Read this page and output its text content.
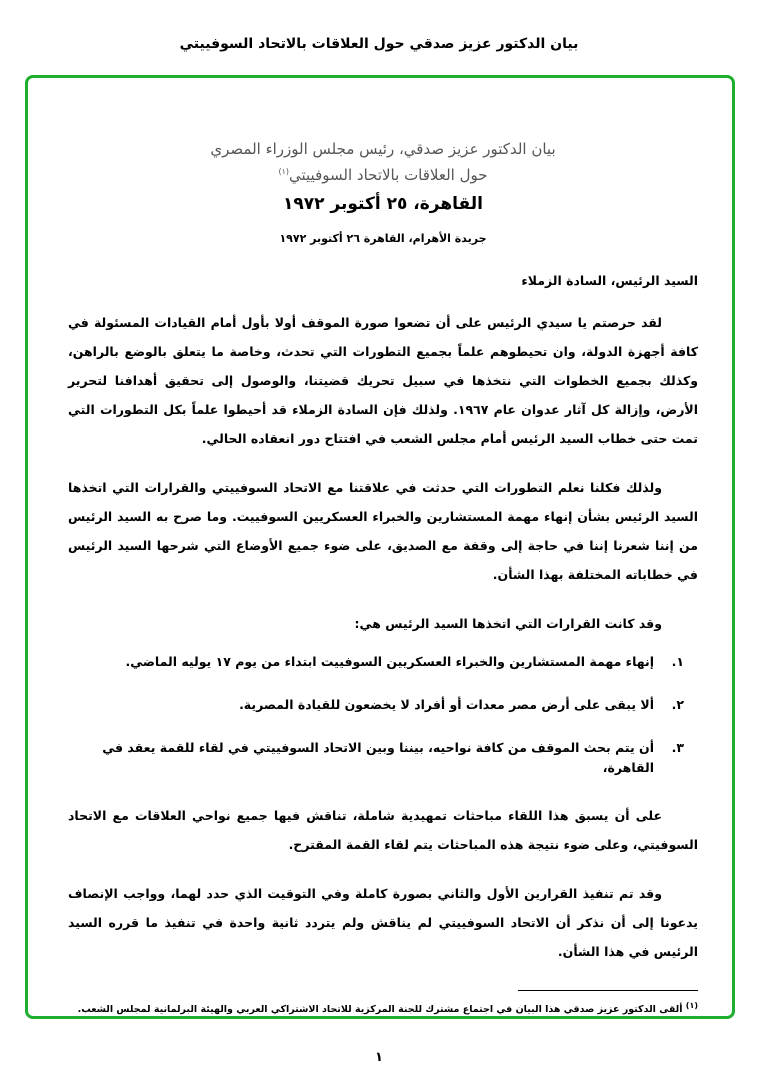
بيان الدكتور عزيز صدقي حول العلاقات بالاتحاد السوفييتي
بيان الدكتور عزيز صدقي، رئيس مجلس الوزراء المصري
حول العلاقات بالاتحاد السوفييتي$^{(١)}$
القاهرة، ٢٥ أكتوبر ١٩٧٢
جريدة الأهرام، القاهرة ٢٦ أكتوبر ١٩٧٢
السيد الرئيس، السادة الزملاء

لقد حرصتم يا سيدي الرئيس على أن تضعوا صورة الموقف أولا بأول أمام القيادات المسئولة في كافة أجهزة الدولة، وان تحيطوهم علماً بجميع التطورات التي تحدث، وخاصة ما يتعلق بالوضع بالراهن، وكذلك بجميع الخطوات التي نتخذها في سبيل تحريك قضيتنا، والوصول إلى تحقيق أهدافنا لتحرير الأرض، وإزالة كل آثار عدوان عام ١٩٦٧. ولذلك فإن السادة الزملاء قد أحيطوا علماً بكل التطورات التي تمت حتى خطاب السيد الرئيس أمام مجلس الشعب في افتتاح دور انعقاده الحالي.

ولذلك فكلنا نعلم التطورات التي حدثت في علاقتنا مع الاتحاد السوفييتي والقرارات التي اتخذها السيد الرئيس بشأن إنهاء مهمة المستشارين والخبراء العسكريين السوفييت. وما صرح به السيد الرئيس من إننا شعرنا إننا في حاجة إلى وقفة مع الصديق، على ضوء جميع الأوضاع التي شرحها السيد الرئيس في خطاباته المختلفة بهذا الشأن.

وقد كانت القرارات التي اتخذها السيد الرئيس هي:

١.
إنهاء مهمة المستشارين والخبراء العسكريين السوفييت ابتداء من يوم ١٧ يوليه الماضي.
٢.
ألا يبقى على أرض مصر معدات أو أفراد لا يخضعون للقيادة المصرية.
٣.
أن يتم بحث الموقف من كافة نواحيه، بيننا وبين الاتحاد السوفييتي في لقاء للقمة يعقد في القاهرة،

على أن يسبق هذا اللقاء مباحثات تمهيدية شاملة، تناقش فيها جميع نواحي العلاقات مع الاتحاد السوفيتي، وعلى ضوء نتيجة هذه المباحثات يتم لقاء القمة المقترح.

وقد تم تنفيذ القرارين الأول والثاني بصورة كاملة وفي التوقيت الذي حدد لهما، وواجب الإنصاف يدعونا إلى أن نذكر أن الاتحاد السوفييتي لم يناقش ولم يتردد ثانية واحدة في تنفيذ ما قرره السيد الرئيس في هذا الشأن.

$^{(١)}$ ألقى الدكتور عزيز صدقي هذا البيان في اجتماع مشترك للجنة المركزية للاتحاد الاشتراكي العربي والهيئة البرلمانية لمجلس الشعب.
١
